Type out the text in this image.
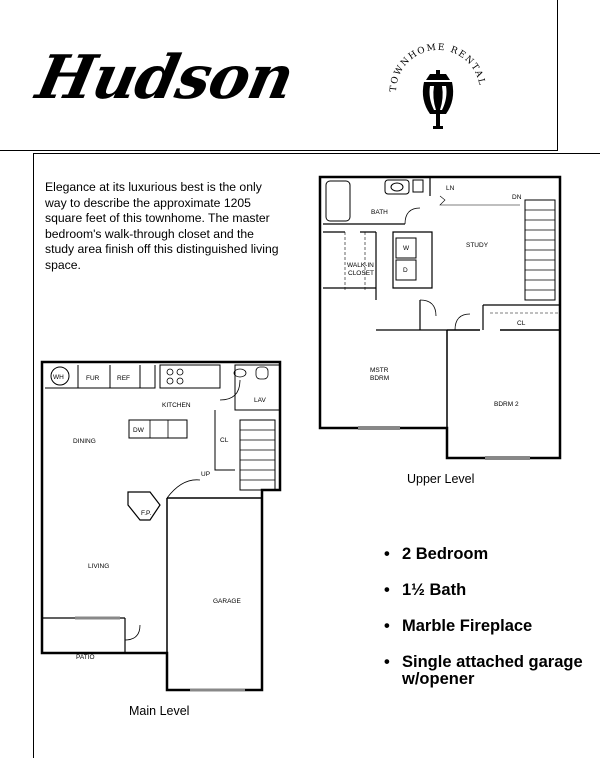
Hudson	TOWNHOME RENTAL
Elegance at its luxurious best is the only way to describe the approximate 1205 square feet of this townhome. The master bedroom's walk-through closet and the study area finish off this distinguished living space.
BATH
LN
DN
STUDY
WALK-IN
CLOSET
W
D
CL
MSTR
BDRM
BDRM 2
WH	FUR	REF
KITCHEN
DW
LAV
CL
DINING
UP
F.P.
LIVING
GARAGE
PATIO
Upper Level
Main Level
• 2 Bedroom
• 1½ Bath
• Marble Fireplace
• Single attached garage w/opener
